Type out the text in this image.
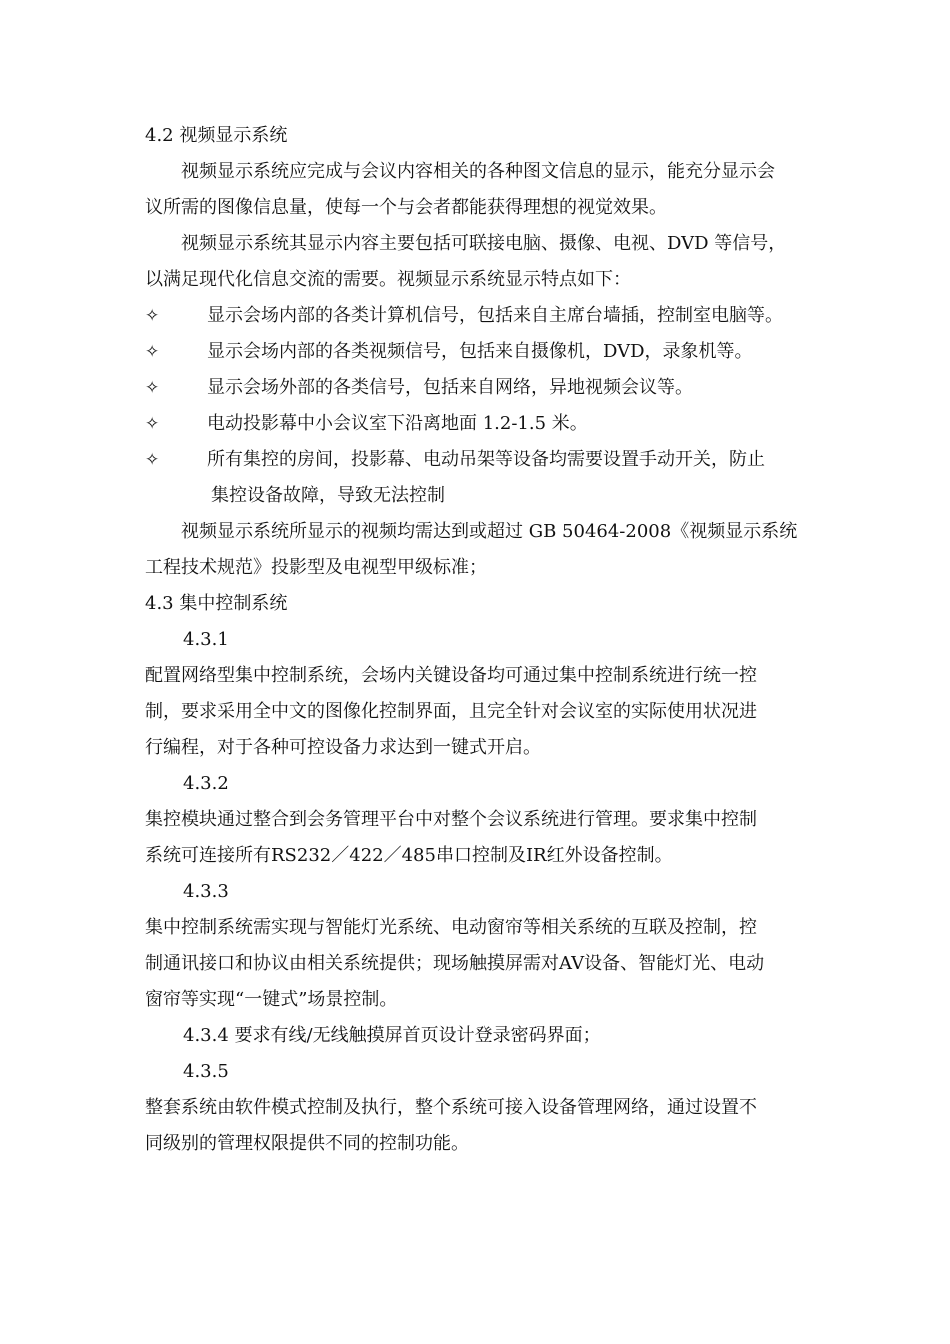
4.2 视频显示系统
视频显示系统应完成与会议内容相关的各种图文信息的显示，能充分显示会
议所需的图像信息量，使每一个与会者都能获得理想的视觉效果。
视频显示系统其显示内容主要包括可联接电脑、摄像、电视、DVD 等信号，
以满足现代化信息交流的需要。视频显示系统显示特点如下：
✧	显示会场内部的各类计算机信号，包括来自主席台墙插，控制室电脑等。
✧	显示会场内部的各类视频信号，包括来自摄像机，DVD，录象机等。
✧	显示会场外部的各类信号，包括来自网络，异地视频会议等。
✧	电动投影幕中小会议室下沿离地面 1.2-1.5 米。
✧	所有集控的房间，投影幕、电动吊架等设备均需要设置手动开关，防止
集控设备故障，导致无法控制
视频显示系统所显示的视频均需达到或超过 GB 50464-2008《视频显示系统
工程技术规范》投影型及电视型甲级标准；
4.3 集中控制系统
4.3.1
配置网络型集中控制系统，会场内关键设备均可通过集中控制系统进行统一控
制，要求采用全中文的图像化控制界面，且完全针对会议室的实际使用状况进
行编程，对于各种可控设备力求达到一键式开启。
4.3.2
集控模块通过整合到会务管理平台中对整个会议系统进行管理。要求集中控制
系统可连接所有RS232／422／485串口控制及IR红外设备控制。
4.3.3
集中控制系统需实现与智能灯光系统、电动窗帘等相关系统的互联及控制，控
制通讯接口和协议由相关系统提供；现场触摸屏需对AV设备、智能灯光、电动
窗帘等实现“一键式”场景控制。
4.3.4 要求有线/无线触摸屏首页设计登录密码界面；
4.3.5
整套系统由软件模式控制及执行，整个系统可接入设备管理网络，通过设置不
同级别的管理权限提供不同的控制功能。
